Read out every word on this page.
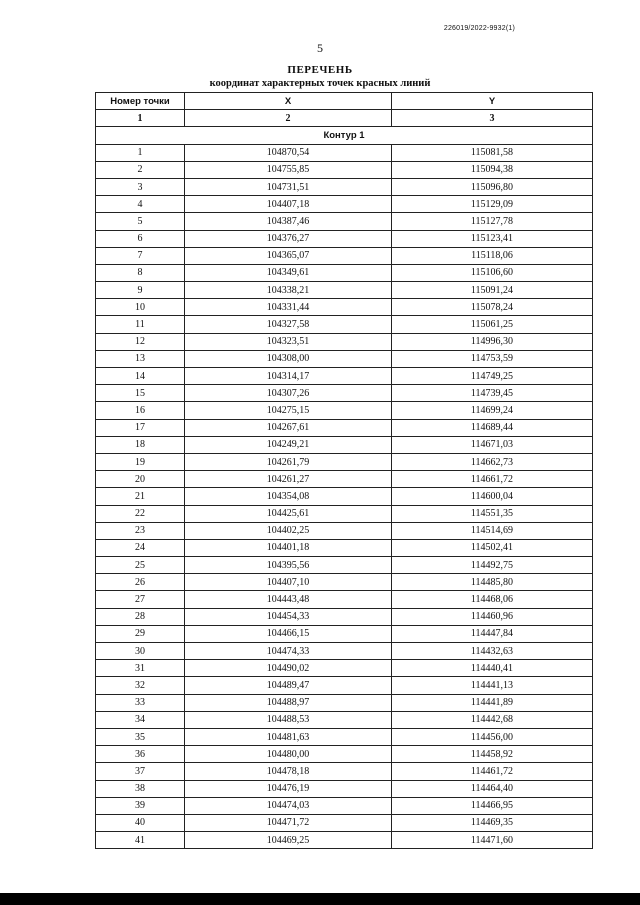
226019/2022-9932(1)
5
ПЕРЕЧЕНЬ
координат характерных точек красных линий
Номер точки	X	Y
1	2	3
Контур 1		
1	104870,54	115081,58
2	104755,85	115094,38
3	104731,51	115096,80
4	104407,18	115129,09
5	104387,46	115127,78
6	104376,27	115123,41
7	104365,07	115118,06
8	104349,61	115106,60
9	104338,21	115091,24
10	104331,44	115078,24
11	104327,58	115061,25
12	104323,51	114996,30
13	104308,00	114753,59
14	104314,17	114749,25
15	104307,26	114739,45
16	104275,15	114699,24
17	104267,61	114689,44
18	104249,21	114671,03
19	104261,79	114662,73
20	104261,27	114661,72
21	104354,08	114600,04
22	104425,61	114551,35
23	104402,25	114514,69
24	104401,18	114502,41
25	104395,56	114492,75
26	104407,10	114485,80
27	104443,48	114468,06
28	104454,33	114460,96
29	104466,15	114447,84
30	104474,33	114432,63
31	104490,02	114440,41
32	104489,47	114441,13
33	104488,97	114441,89
34	104488,53	114442,68
35	104481,63	114456,00
36	104480,00	114458,92
37	104478,18	114461,72
38	104476,19	114464,40
39	104474,03	114466,95
40	104471,72	114469,35
41	104469,25	114471,60
